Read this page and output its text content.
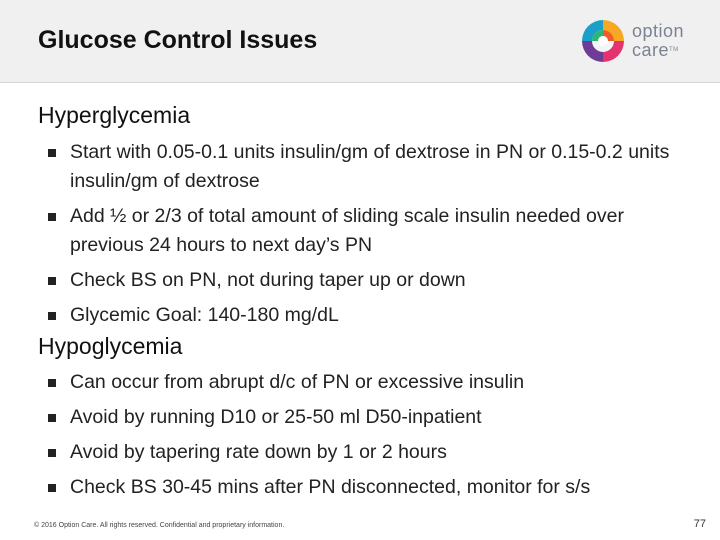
Glucose Control Issues	option
care™
Hyperglycemia
Start with 0.05-0.1 units insulin/gm of dextrose in PN or 0.15-0.2 units insulin/gm of dextrose
Add ½ or 2/3 of total amount of sliding scale insulin needed over previous 24 hours to next day’s PN
Check BS on PN, not during taper up or down
Glycemic Goal: 140-180 mg/dL
Hypoglycemia
Can occur from abrupt d/c of PN or excessive insulin
Avoid by running D10 or 25-50 ml D50-inpatient
Avoid by tapering rate down by 1 or 2 hours
Check BS 30-45 mins after PN disconnected, monitor for s/s
© 2016 Option Care. All rights reserved. Confidential and proprietary information.	77
